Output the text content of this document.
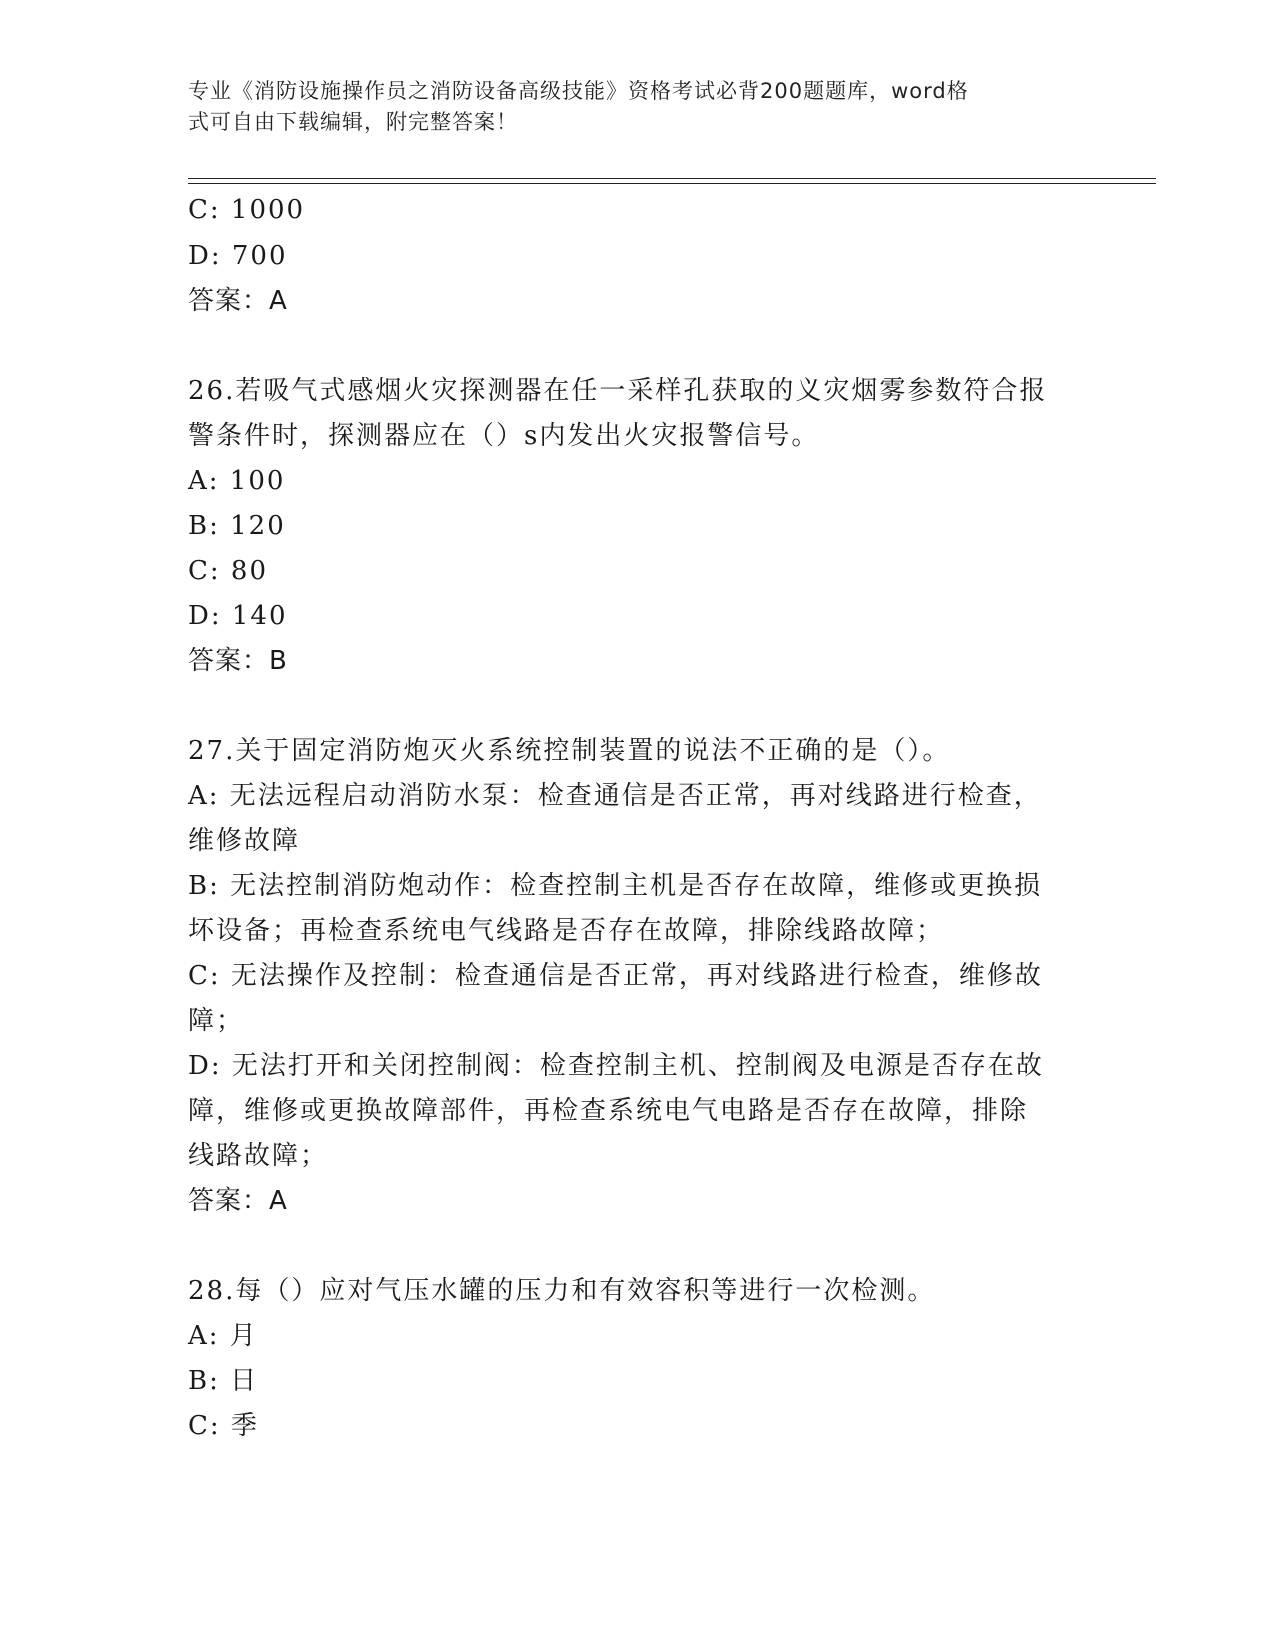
专业《消防设施操作员之消防设备高级技能》资格考试必背200题题库，word格
式可自由下载编辑，附完整答案！
C: 1000
D: 700
答案：A
26.若吸气式感烟火灾探测器在任一采样孔获取的义灾烟雾参数符合报
警条件时，探测器应在（）s内发出火灾报警信号。
A: 100
B: 120
C: 80
D: 140
答案：B
27.关于固定消防炮灭火系统控制装置的说法不正确的是（）。
A: 无法远程启动消防水泵：检查通信是否正常，再对线路进行检查，
维修故障
B: 无法控制消防炮动作：检查控制主机是否存在故障，维修或更换损
坏设备；再检查系统电气线路是否存在故障，排除线路故障；
C: 无法操作及控制：检查通信是否正常，再对线路进行检查，维修故
障；
D: 无法打开和关闭控制阀：检查控制主机、控制阀及电源是否存在故
障，维修或更换故障部件，再检查系统电气电路是否存在故障，排除
线路故障；
答案：A
28.每（）应对气压水罐的压力和有效容积等进行一次检测。
A: 月
B: 日
C: 季
